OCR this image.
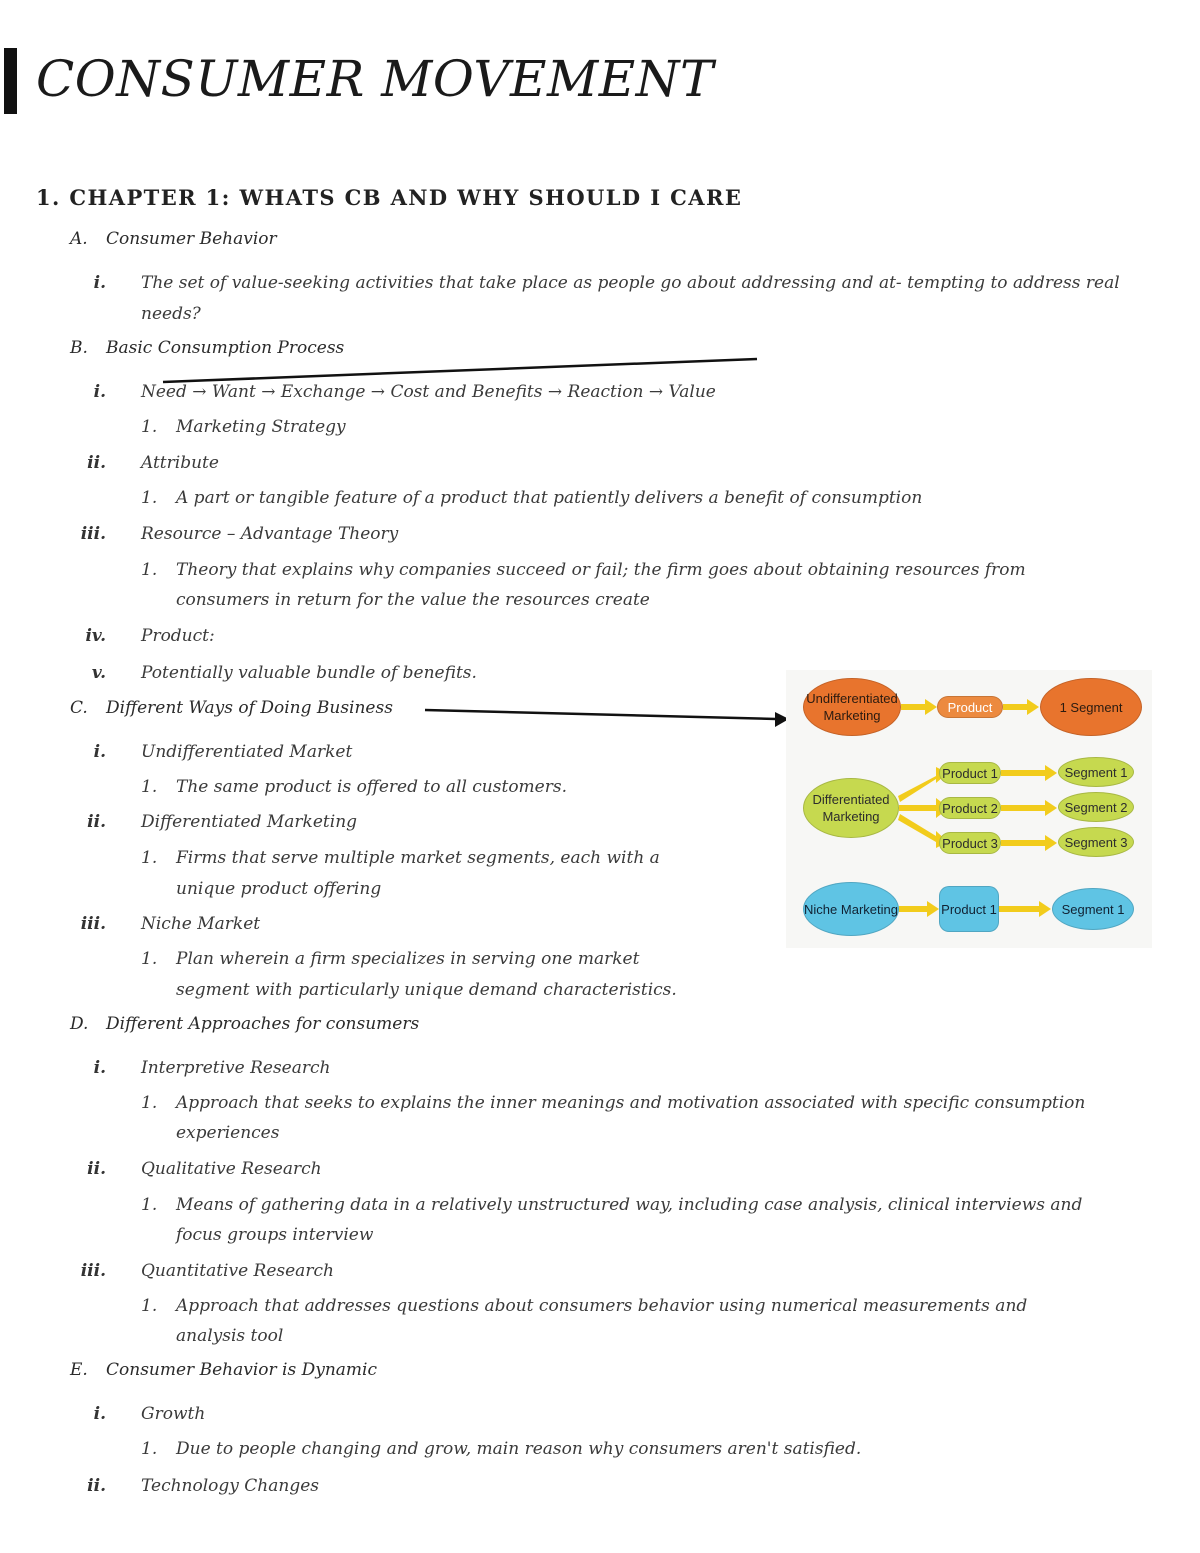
CONSUMER MOVEMENT
1. CHAPTER 1: WHATS CB AND WHY SHOULD I CARE
A. Consumer Behavior
i. The set of value-seeking activities that take place as people go about addressing and at- tempting to address real
needs?
B. Basic Consumption Process
i. Need → Want → Exchange → Cost and Benefits → Reaction → Value
1. Marketing Strategy
ii. Attribute
1. A part or tangible feature of a product that patiently delivers a benefit of consumption
iii. Resource – Advantage Theory
1. Theory that explains why companies succeed or fail; the firm goes about obtaining resources from
consumers in return for the value the resources create
iv. Product:
v. Potentially valuable bundle of benefits.
C. Different Ways of Doing Business
i. Undifferentiated Market
1. The same product is offered to all customers.
ii. Differentiated Marketing
1. Firms that serve multiple market segments, each with a
unique product offering
iii. Niche Market
1. Plan wherein a firm specializes in serving one market
segment with particularly unique demand characteristics.
D. Different Approaches for consumers
i. Interpretive Research
1. Approach that seeks to explains the inner meanings and motivation associated with specific consumption
experiences
ii. Qualitative Research
1. Means of gathering data in a relatively unstructured way, including case analysis, clinical interviews and
focus groups interview
iii. Quantitative Research
1. Approach that addresses questions about consumers behavior using numerical measurements and
analysis tool
E. Consumer Behavior is Dynamic
i. Growth
1. Due to people changing and grow, main reason why consumers aren't satisfied.
ii. Technology Changes
Undifferentiated Marketing
Product	1 Segment
Differentiated Marketing
Product 1
Product 2
Product 3
Segment 1
Segment 2
Segment 3
Niche Marketing	Product 1	Segment 1
